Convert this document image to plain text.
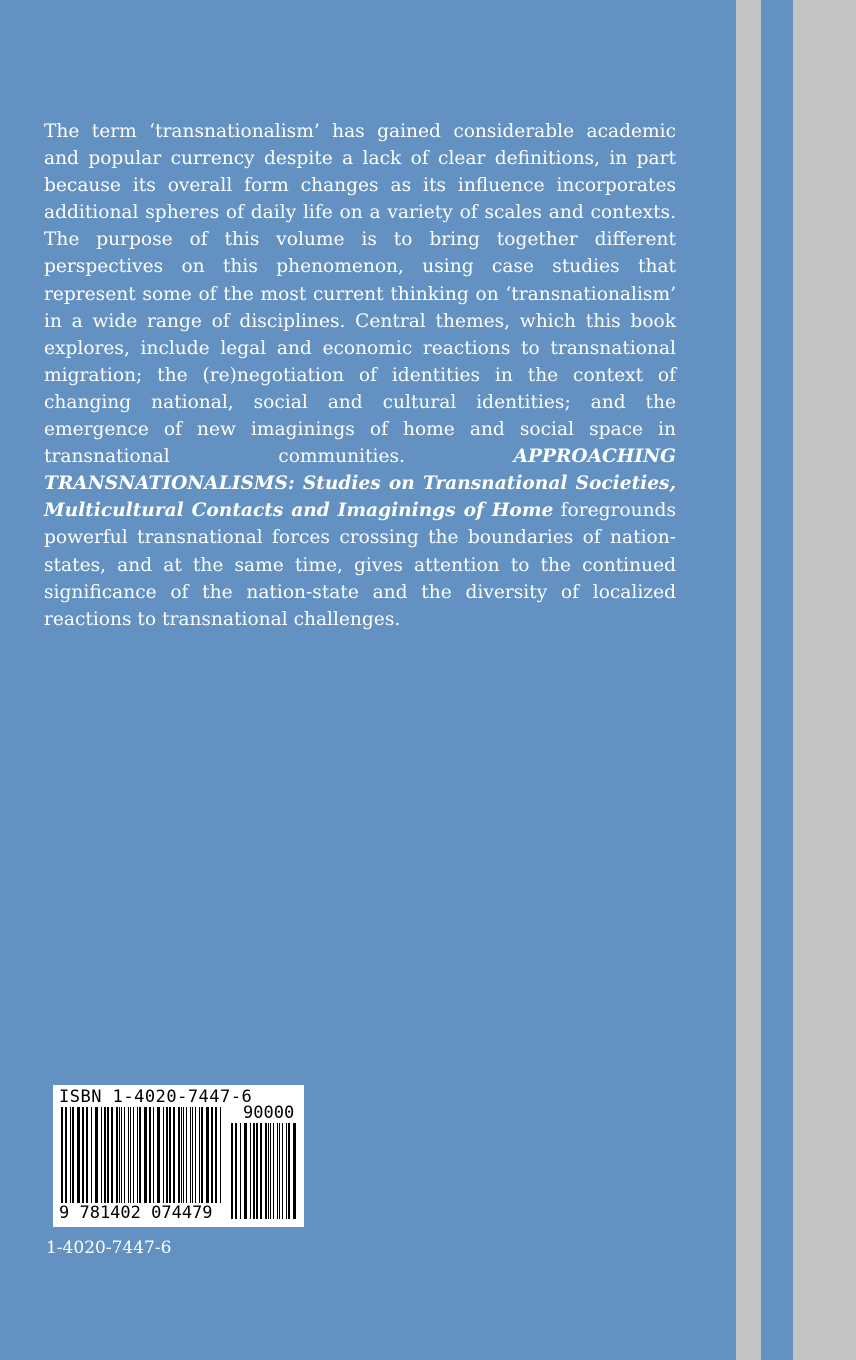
The term ‘transnationalism’ has gained considerable academic and popular currency despite a lack of clear definitions, in part because its overall form changes as its influence incorporates additional spheres of daily life on a variety of scales and contexts. The purpose of this volume is to bring together different perspectives on this phenomenon, using case studies that represent some of the most current thinking on ‘transnationalism’ in a wide range of disciplines. Central themes, which this book explores, include legal and economic reactions to transnational migration; the (re)negotiation of identities in the context of changing national, social and cultural identities; and the emergence of new imaginings of home and social space in transnational communities. APPROACHING TRANSNATIONALISMS: Studies on Transnational Societies, Multicultural Contacts and Imaginings of Home foregrounds powerful transnational forces crossing the boundaries of nation-states, and at the same time, gives attention to the continued significance of the nation-state and the diversity of localized reactions to transnational challenges.

ISBN 1-4020-7447-6
90000
9 781402 074479
1-4020-7447-6
